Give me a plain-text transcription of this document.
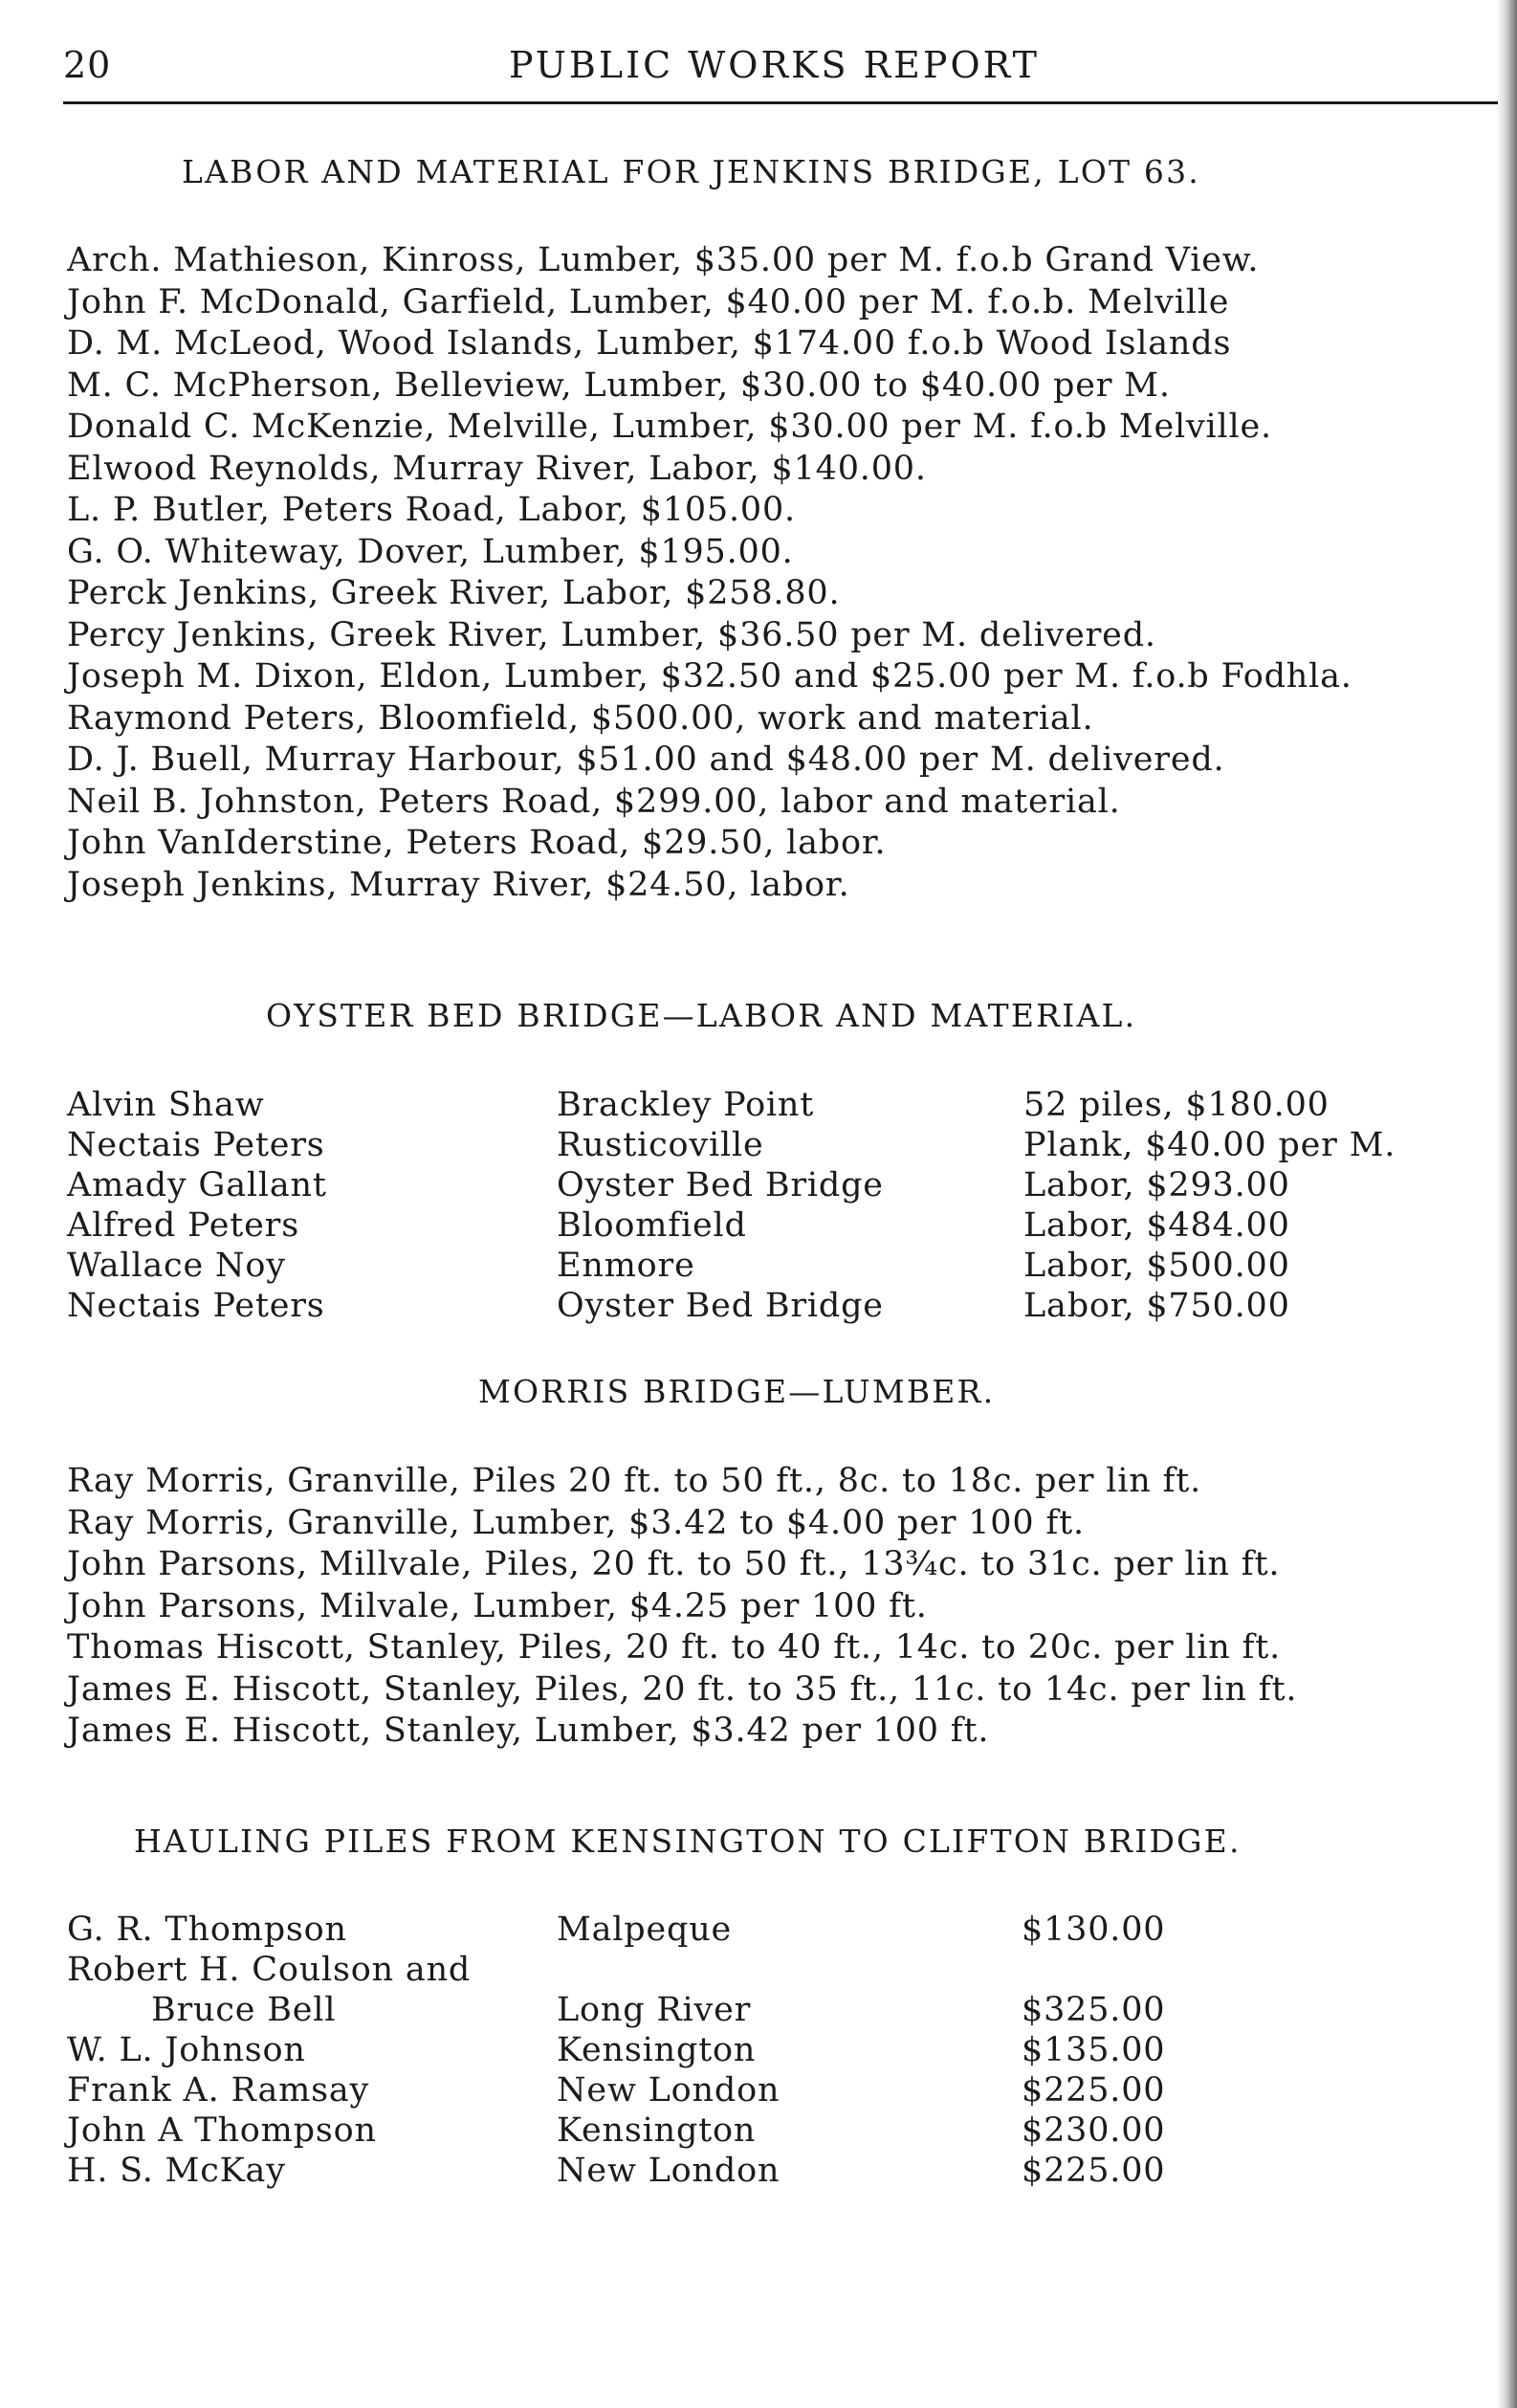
20	PUBLIC WORKS REPORT
LABOR AND MATERIAL FOR JENKINS BRIDGE, LOT 63.
Arch. Mathieson, Kinross, Lumber, $35.00 per M. f.o.b Grand View.
John F. McDonald, Garfield, Lumber, $40.00 per M. f.o.b. Melville
D. M. McLeod, Wood Islands, Lumber, $174.00 f.o.b Wood Islands
M. C. McPherson, Belleview, Lumber, $30.00 to $40.00 per M.
Donald C. McKenzie, Melville, Lumber, $30.00 per M. f.o.b Melville.
Elwood Reynolds, Murray River, Labor, $140.00.
L. P. Butler, Peters Road, Labor, $105.00.
G. O. Whiteway, Dover, Lumber, $195.00.
Perck Jenkins, Greek River, Labor, $258.80.
Percy Jenkins, Greek River, Lumber, $36.50 per M. delivered.
Joseph M. Dixon, Eldon, Lumber, $32.50 and $25.00 per M. f.o.b Fodhla.
Raymond Peters, Bloomfield, $500.00, work and material.
D. J. Buell, Murray Harbour, $51.00 and $48.00 per M. delivered.
Neil B. Johnston, Peters Road, $299.00, labor and material.
John VanIderstine, Peters Road, $29.50, labor.
Joseph Jenkins, Murray River, $24.50, labor.
OYSTER BED BRIDGE—LABOR AND MATERIAL.
Alvin Shaw	Brackley Point	52 piles, $180.00
Nectais Peters	Rusticoville	Plank, $40.00 per M.
Amady Gallant	Oyster Bed Bridge	Labor, $293.00
Alfred Peters	Bloomfield	Labor, $484.00
Wallace Noy	Enmore	Labor, $500.00
Nectais Peters	Oyster Bed Bridge	Labor, $750.00
MORRIS BRIDGE—LUMBER.
Ray Morris, Granville, Piles 20 ft. to 50 ft., 8c. to 18c. per lin ft.
Ray Morris, Granville, Lumber, $3.42 to $4.00 per 100 ft.
John Parsons, Millvale, Piles, 20 ft. to 50 ft., 13¾c. to 31c. per lin ft.
John Parsons, Milvale, Lumber, $4.25 per 100 ft.
Thomas Hiscott, Stanley, Piles, 20 ft. to 40 ft., 14c. to 20c. per lin ft.
James E. Hiscott, Stanley, Piles, 20 ft. to 35 ft., 11c. to 14c. per lin ft.
James E. Hiscott, Stanley, Lumber, $3.42 per 100 ft.
HAULING PILES FROM KENSINGTON TO CLIFTON BRIDGE.
G. R. Thompson	Malpeque	$130.00
Robert H. Coulson and
Bruce Bell	Long River	$325.00
W. L. Johnson	Kensington	$135.00
Frank A. Ramsay	New London	$225.00
John A Thompson	Kensington	$230.00
H. S. McKay	New London	$225.00
